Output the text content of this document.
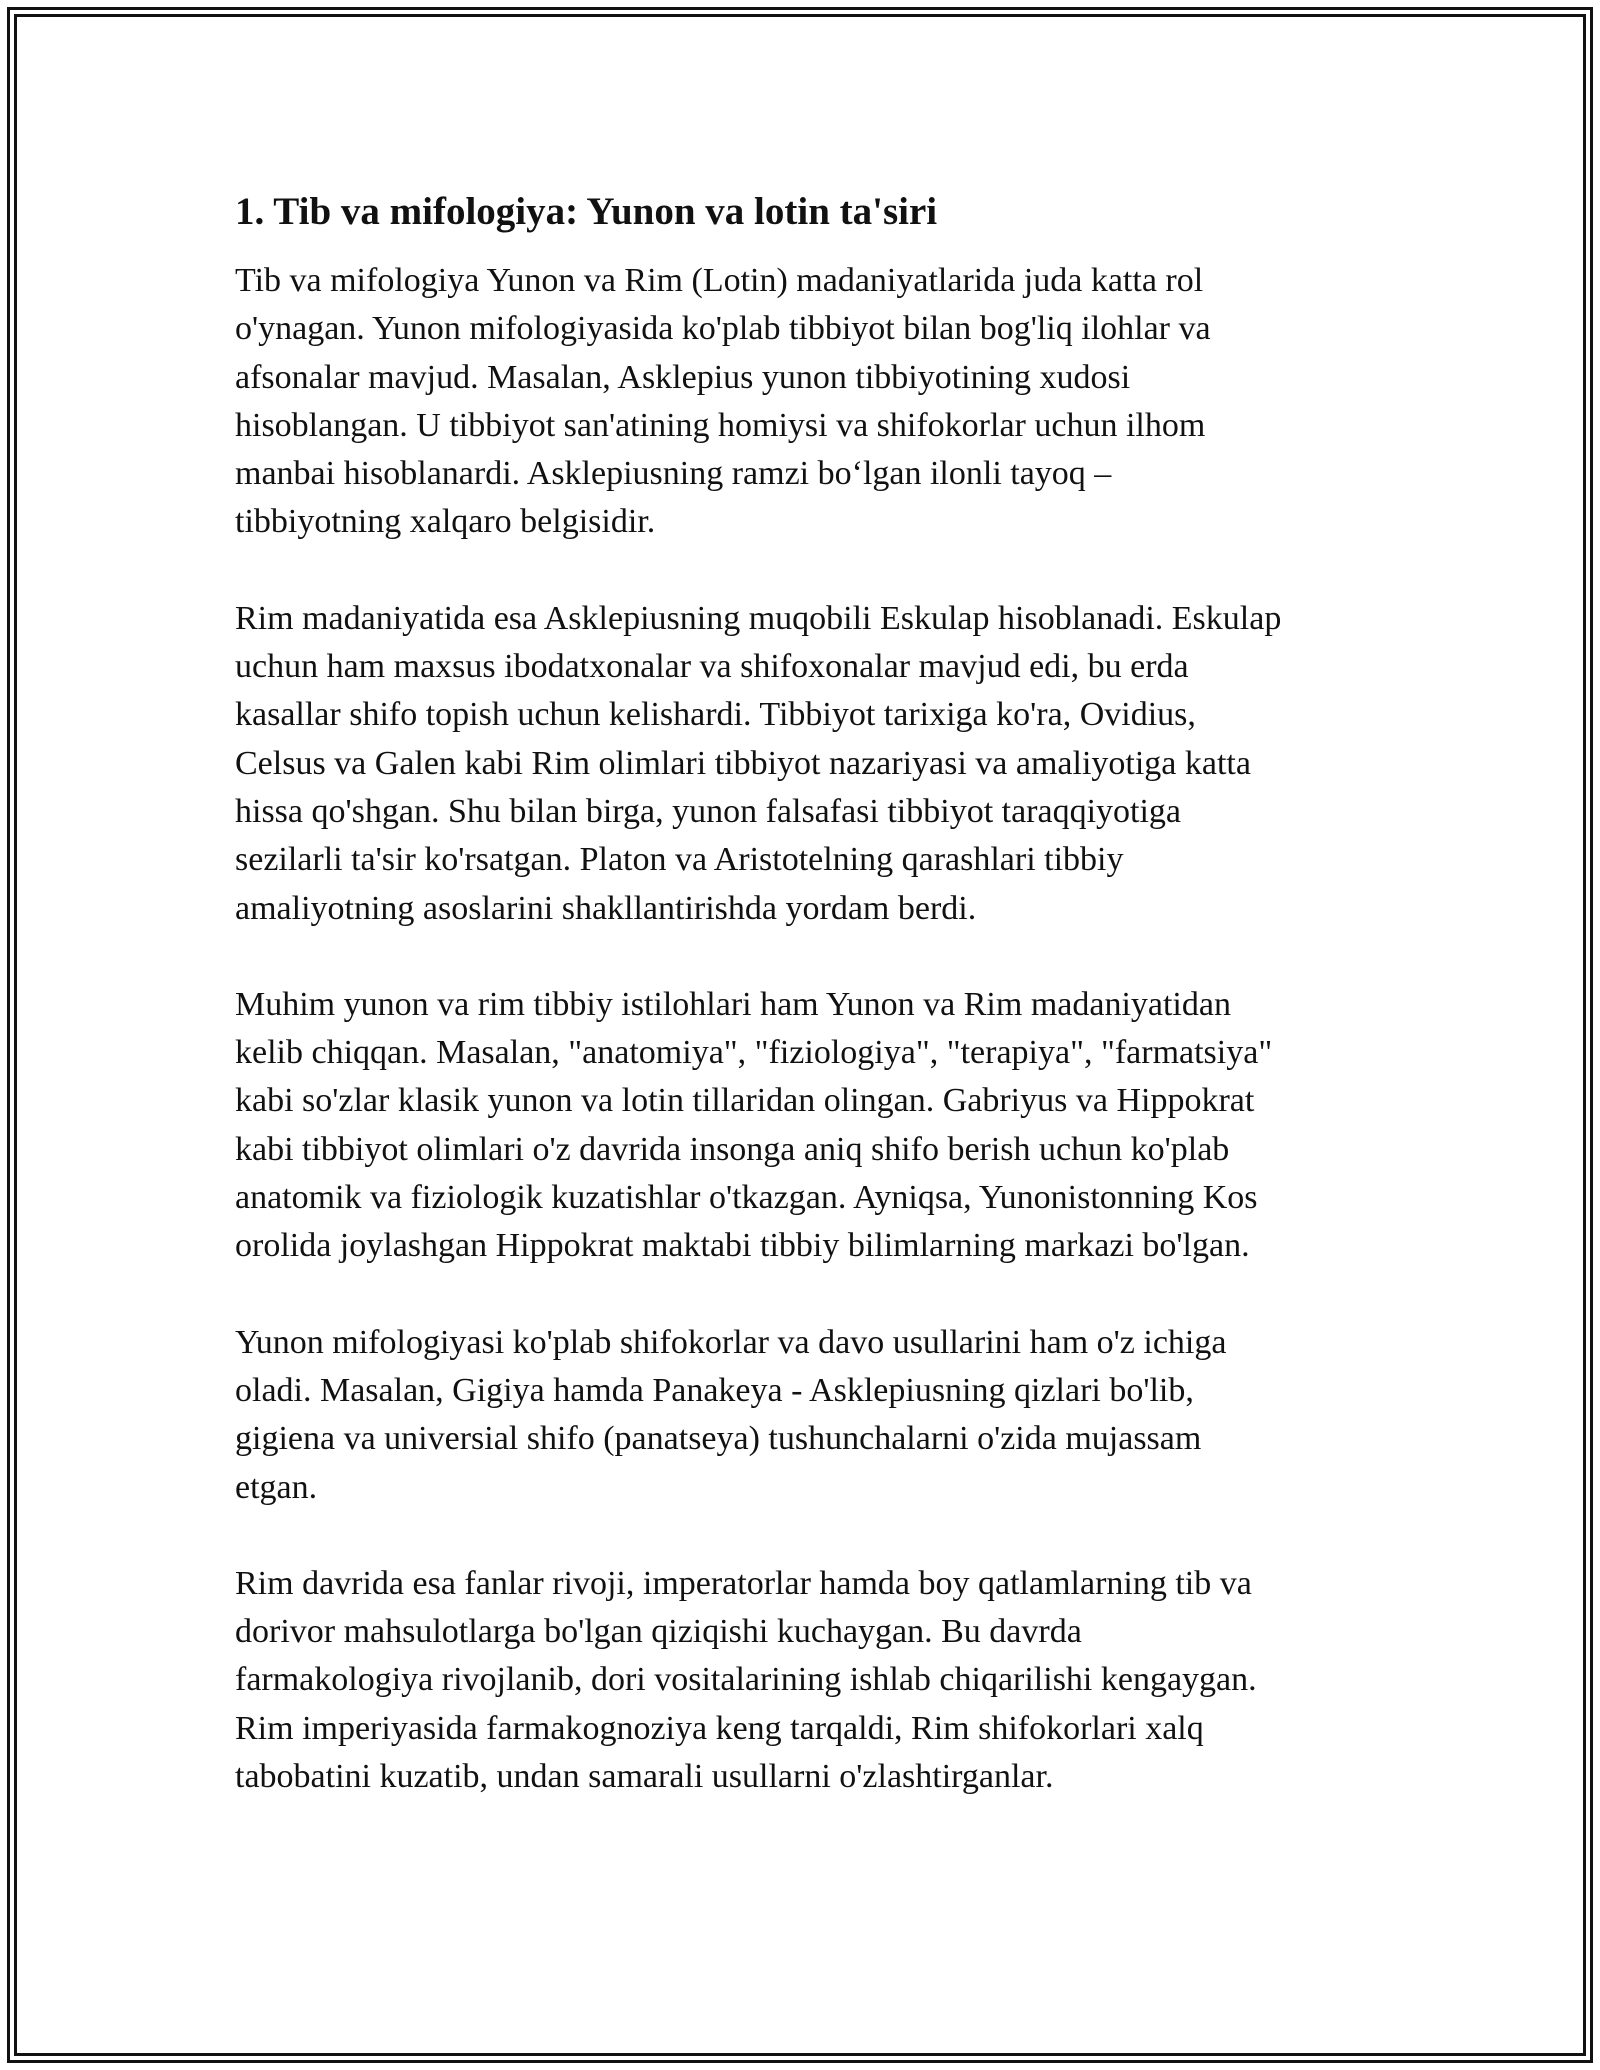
1. Tib va mifologiya: Yunon va lotin ta'siri
Tib va mifologiya Yunon va Rim (Lotin) madaniyatlarida juda katta rol
o'ynagan. Yunon mifologiyasida ko'plab tibbiyot bilan bog'liq ilohlar va
afsonalar mavjud. Masalan, Asklepius yunon tibbiyotining xudosi
hisoblangan. U tibbiyot san'atining homiysi va shifokorlar uchun ilhom
manbai hisoblanardi. Asklepiusning ramzi bo‘lgan ilonli tayoq –
tibbiyotning xalqaro belgisidir.
Rim madaniyatida esa Asklepiusning muqobili Eskulap hisoblanadi. Eskulap
uchun ham maxsus ibodatxonalar va shifoxonalar mavjud edi, bu erda
kasallar shifo topish uchun kelishardi. Tibbiyot tarixiga ko'ra, Ovidius,
Celsus va Galen kabi Rim olimlari tibbiyot nazariyasi va amaliyotiga katta
hissa qo'shgan. Shu bilan birga, yunon falsafasi tibbiyot taraqqiyotiga
sezilarli ta'sir ko'rsatgan. Platon va Aristotelning qarashlari tibbiy
amaliyotning asoslarini shakllantirishda yordam berdi.
Muhim yunon va rim tibbiy istilohlari ham Yunon va Rim madaniyatidan
kelib chiqqan. Masalan, "anatomiya", "fiziologiya", "terapiya", "farmatsiya"
kabi so'zlar klasik yunon va lotin tillaridan olingan. Gabriyus va Hippokrat
kabi tibbiyot olimlari o'z davrida insonga aniq shifo berish uchun ko'plab
anatomik va fiziologik kuzatishlar o'tkazgan. Ayniqsa, Yunonistonning Kos
orolida joylashgan Hippokrat maktabi tibbiy bilimlarning markazi bo'lgan.
Yunon mifologiyasi ko'plab shifokorlar va davo usullarini ham o'z ichiga
oladi. Masalan, Gigiya hamda Panakeya - Asklepiusning qizlari bo'lib,
gigiena va universial shifo (panatseya) tushunchalarni o'zida mujassam
etgan.
Rim davrida esa fanlar rivoji, imperatorlar hamda boy qatlamlarning tib va
dorivor mahsulotlarga bo'lgan qiziqishi kuchaygan. Bu davrda
farmakologiya rivojlanib, dori vositalarining ishlab chiqarilishi kengaygan.
Rim imperiyasida farmakognoziya keng tarqaldi, Rim shifokorlari xalq
tabobatini kuzatib, undan samarali usullarni o'zlashtirganlar.
